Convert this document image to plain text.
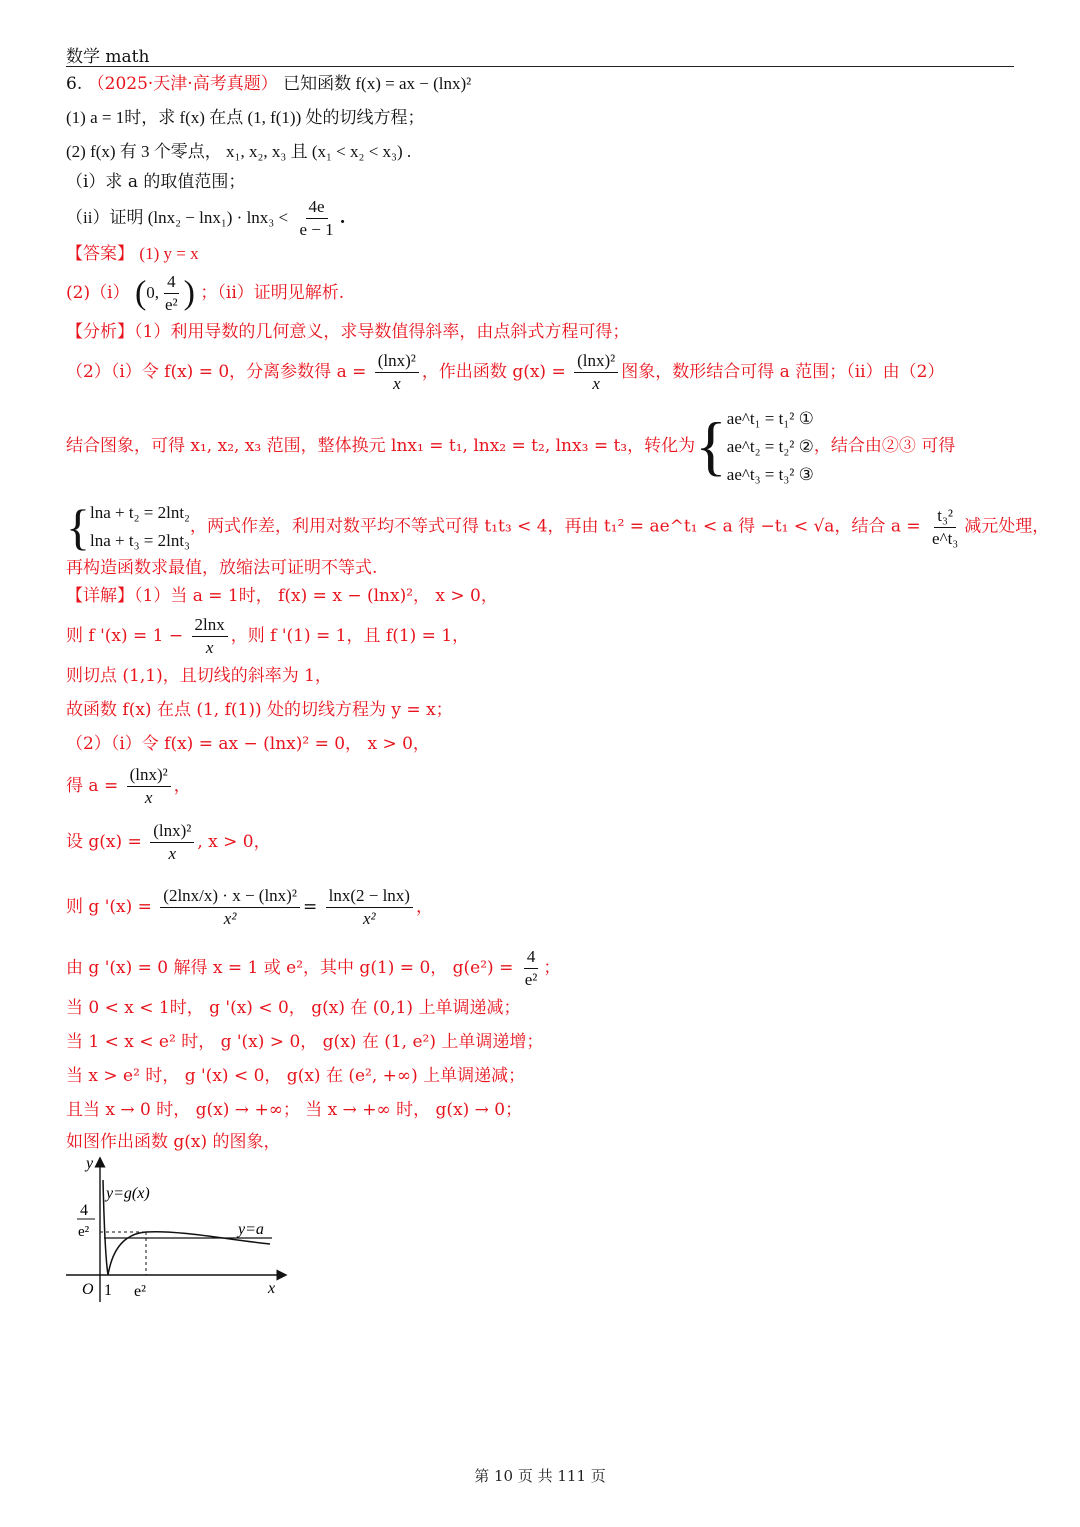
数学 math
6. （2025·天津·高考真题） 已知函数 f(x) = ax − (lnx)²
(1) a = 1时，求 f(x) 在点 (1, f(1)) 处的切线方程；
(2) f(x) 有 3 个零点， x₁, x₂, x₃ 且 (x₁ < x₂ < x₃) .
（i）求 a 的取值范围；
（ii）证明 $(\ln x_2 - \ln x_1) \cdot \ln x_3 < \frac{4e}{e - 1}$ .
【答案】 (1) y = x
(2)（i） (0, $\frac{4}{\text{e²}}$ ) ；（ii）证明见解析.
【分析】（1）利用导数的几何意义，求导数值得斜率，由点斜式方程可得；
（2）（i）令 f(x) = 0，分离参数得 $a = \frac{\text{(lnx)²}}{x}$ ，作出函数 $g(x) = \frac{\text{(lnx)²}}{x}$ 图象，数形结合可得 a 范围；（ii）由（2）
结合图象，可得 x₁, x₂, x₃ 范围，整体换元 lnx₁ = t₁, lnx₂ = t₂, lnx₃ = t₃，转化为{ ae^t₁ = t₁² ①
ae^t₂ = t₂² ②
ae^t₃ = t₃² ③
，结合由②③ 可得
{ lna + t₂ = 2lnt₂
lna + t₃ = 2lnt₃
，两式作差，利用对数平均不等式可得 t₁t₃ < 4，再由 t₁² = ae^t₁ < a 得 −t₁ < √a，结合 $a = \frac{\text{t₃²}}{\text{e\textasciicircum{}t₃}}$ 减元处理，
再构造函数求最值，放缩法可证明不等式.
【详解】（1）当 a = 1时， f(x) = x − (lnx)²， x > 0，
则 f '$(x) = 1 - \frac{2\ln x}{x}$ ，则 f '(1) = 1，且 f(1) = 1，
则切点 (1,1)，且切线的斜率为 1，
故函数 f(x) 在点 (1, f(1)) 处的切线方程为 y = x；
（2）（i）令 f(x) = ax − (lnx)² = 0， x > 0，
得 $a = \frac{\text{(lnx)²}}{x}$ ，
设 $g(x) = \frac{\text{(lnx)²}}{x}$ , x > 0，
则 g '$(x) = \frac{\text{(2lnx/x) · x − (lnx)²}}{\text{x²}} = \frac{\ln x(2 - \ln x)}{\text{x²}}$ ，
由 g '(x) = 0 解得 x = 1 或 e²，其中 g(1) = 0， $g(e^2) = \frac{4}{\text{e²}}$ ；
当 0 < x < 1时， g '(x) < 0， g(x) 在 (0,1) 上单调递减；
当 1 < x < e² 时， g '(x) > 0， g(x) 在 (1, e²) 上单调递增；
当 x > e² 时， g '(x) < 0， g(x) 在 (e², +∞) 上单调递减；
且当 x → 0 时， g(x) → +∞； 当 x → +∞ 时， g(x) → 0；
如图作出函数 g(x) 的图象，
y
x
O 1 e²
4
e²
y=g(x)
y=a
第 10 页 共 111 页
